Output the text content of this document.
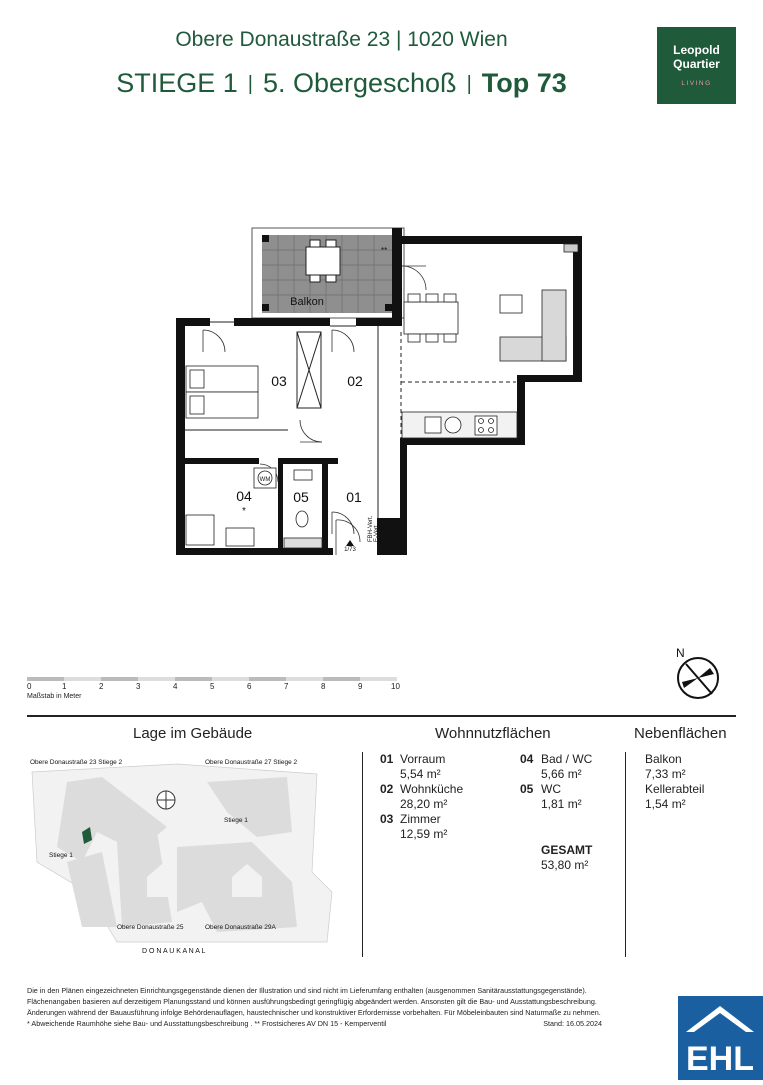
Obere Donaustraße 23 | 1020 Wien
STIEGE 1 | 5. Obergeschoß | Top 73
Leopold
Quartier
LIVING
Balkon
**
03	02
04
*
05	01
WM
1/73
FBH-Vert. E-Vert.
0	1	2	3	4	5	6	7	8	9	10
Maßstab in Meter
N
Lage im Gebäude	Wohnnutzflächen	Nebenflächen
Obere Donaustraße 23 Stiege 2	Obere Donaustraße 27 Stiege 2
Stiege 1
Stiege 1
Obere Donaustraße 25	Obere Donaustraße 29A
D O N A U K A N A L
01 Vorraum
5,54 m²
02 Wohnküche
28,20 m²
03 Zimmer
12,59 m²
04 Bad / WC
5,66 m²
05 WC
1,81 m²
GESAMT
53,80 m²
Balkon
7,33 m²
Kellerabteil
1,54 m²
Die in den Plänen eingezeichneten Einrichtungsgegenstände dienen der Illustration und sind nicht im Lieferumfang enthalten (ausgenommen Sanitärausstattungsgegenstände).
Flächenangaben basieren auf derzeitigem Planungsstand und können ausführungsbedingt geringfügig abgeändert werden. Ansonsten gilt die Bau- und Ausstattungsbeschreibung.
Änderungen während der Bauausführung infolge Behördenauflagen, haustechnischer und konstruktiver Erfordernisse vorbehalten. Für Möbeleinbauten sind Naturmaße zu nehmen.
* Abweichende Raumhöhe siehe Bau- und Ausstattungsbeschreibung . ** Frostsicheres AV DN 15 - Kemperventil	Stand: 16.05.2024
EHL
